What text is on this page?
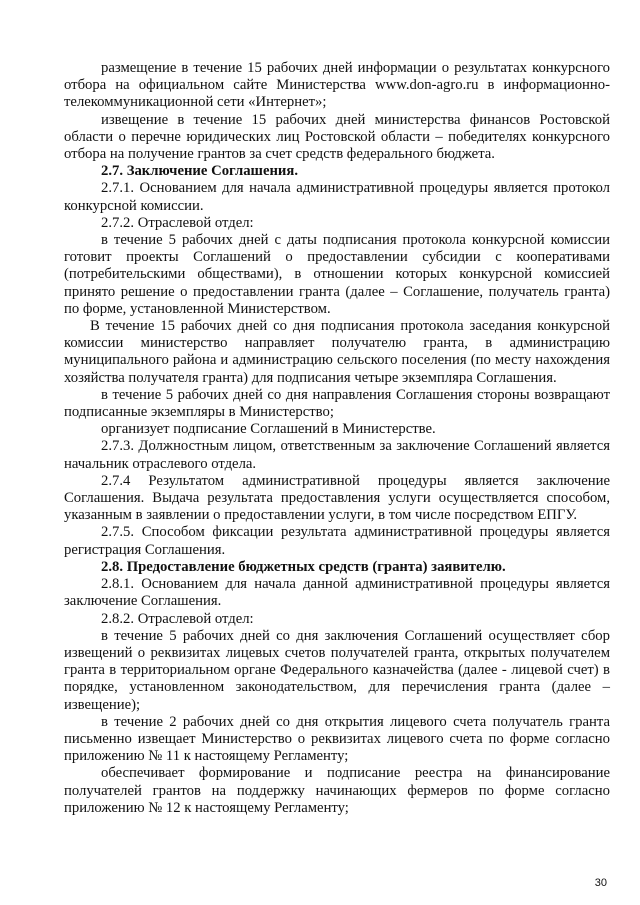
размещение в течение 15 рабочих дней информации о результатах конкурсного отбора на официальном сайте Министерства www.don-agro.ru в информационно-телекоммуникационной сети «Интернет»;

извещение в течение 15 рабочих дней министерства финансов Ростовской области о перечне юридических лиц Ростовской области – победителях конкурсного отбора на получение грантов за счет средств федерального бюджета.

2.7. Заключение Соглашения.

2.7.1. Основанием для начала административной процедуры является протокол конкурсной комиссии.

2.7.2. Отраслевой отдел:

в течение 5 рабочих дней с даты подписания протокола конкурсной комиссии готовит проекты Соглашений о предоставлении субсидии с кооперативами (потребительскими обществами), в отношении которых конкурсной комиссией принято решение о предоставлении гранта (далее – Соглашение, получатель гранта) по форме, установленной Министерством.

В течение 15 рабочих дней со дня подписания протокола заседания конкурсной комиссии министерство направляет получателю гранта, в администрацию муниципального района и администрацию сельского поселения (по месту нахождения хозяйства получателя гранта) для подписания четыре экземпляра Соглашения.

в течение 5 рабочих дней со дня направления Соглашения стороны возвращают подписанные экземпляры в Министерство;

организует подписание Соглашений в Министерстве.

2.7.3. Должностным лицом, ответственным за заключение Соглашений является начальник отраслевого отдела.

2.7.4 Результатом административной процедуры является заключение Соглашения. Выдача результата предоставления услуги осуществляется способом, указанным в заявлении о предоставлении услуги, в том числе посредством ЕПГУ.

2.7.5. Способом фиксации результата административной процедуры является регистрация Соглашения.

2.8. Предоставление бюджетных средств (гранта) заявителю.

2.8.1. Основанием для начала данной административной процедуры является заключение Соглашения.

2.8.2. Отраслевой отдел:

в течение 5 рабочих дней со дня заключения Соглашений осуществляет сбор извещений о реквизитах лицевых счетов получателей гранта, открытых получателем гранта в территориальном органе Федерального казначейства (далее - лицевой счет) в порядке, установленном законодательством, для перечисления гранта (далее – извещение);

в течение 2 рабочих дней со дня открытия лицевого счета получатель гранта письменно извещает Министерство о реквизитах лицевого счета по форме согласно приложению № 11 к настоящему Регламенту;

обеспечивает формирование и подписание реестра на финансирование получателей грантов на поддержку начинающих фермеров по форме согласно приложению № 12 к настоящему Регламенту;

30
